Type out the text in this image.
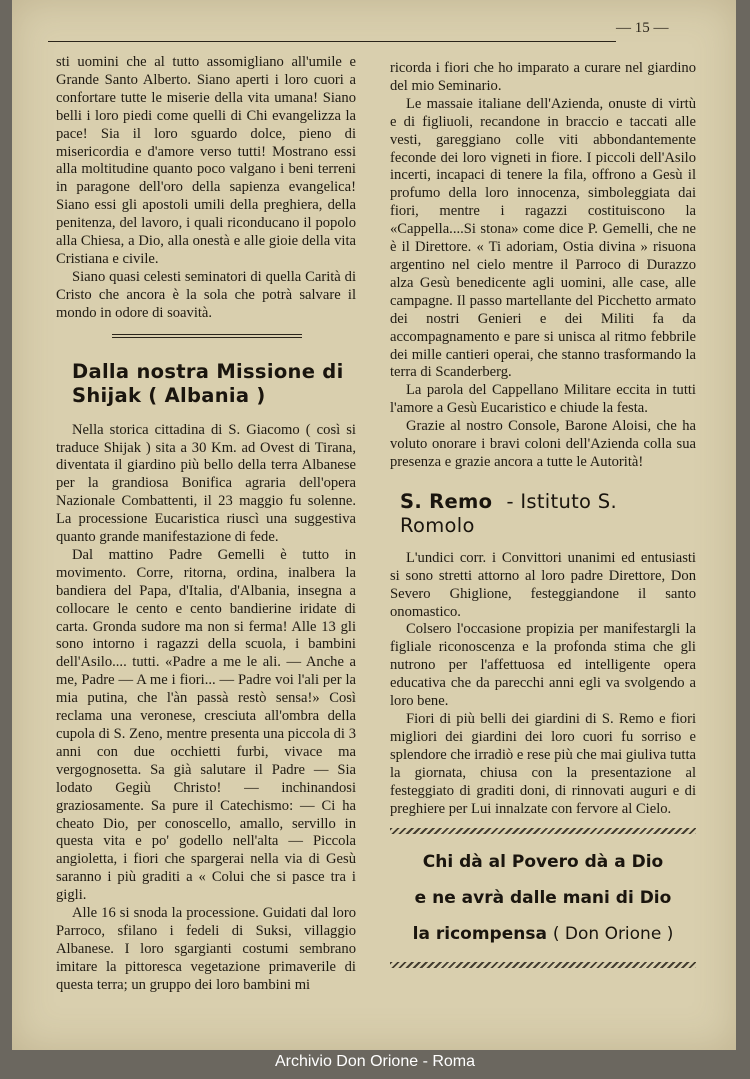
— 15 —

sti uomini che al tutto assomigliano all'umile e Grande Santo Alberto. Siano aperti i loro cuori a confortare tutte le miserie della vita umana! Siano belli i loro piedi come quelli di Chi evangelizza la pace! Sia il loro sguardo dolce, pieno di misericordia e d'amore verso tutti! Mostrano essi alla moltitudine quanto poco valgano i beni terreni in paragone dell'oro della sapienza evangelica! Siano essi gli apostoli umili della preghiera, della penitenza, del lavoro, i quali riconducano il popolo alla Chiesa, a Dio, alla onestà e alle gioie della vita Cristiana e civile.

Siano quasi celesti seminatori di quella Carità di Cristo che ancora è la sola che potrà salvare il mondo in odore di soavità.

Dalla nostra Missione di Shijak ( Albania )

Nella storica cittadina di S. Giacomo ( così si traduce Shijak ) sita a 30 Km. ad Ovest di Tirana, diventata il giardino più bello della terra Albanese per la grandiosa Bonifica agraria dell'opera Nazionale Combattenti, il 23 maggio fu solenne. La processione Eucaristica riuscì una suggestiva quanto grande manifestazione di fede.

Dal mattino Padre Gemelli è tutto in movimento. Corre, ritorna, ordina, inalbera la bandiera del Papa, d'Italia, d'Albania, insegna a collocare le cento e cento bandierine iridate di carta. Gronda sudore ma non si ferma! Alle 13 gli sono intorno i ragazzi della scuola, i bambini dell'Asilo.... tutti. «Padre a me le ali. — Anche a me, Padre — A me i fiori... — Padre voi l'ali per la mia putina, che l'àn passà restò sensa!» Così reclama una veronese, cresciuta all'ombra della cupola di S. Zeno, mentre presenta una piccola di 3 anni con due occhietti furbi, vivace ma vergognosetta. Sa già salutare il Padre — Sia lodato Gegiù Christo! — inchinandosi graziosamente. Sa pure il Catechismo: — Ci ha cheato Dio, per conoscello, amallo, servillo in questa vita e po' godello nell'alta — Piccola angioletta, i fiori che spargerai nella via di Gesù saranno i più graditi a « Colui che si pasce tra i gigli.

Alle 16 si snoda la processione. Guidati dal loro Parroco, sfilano i fedeli di Suksi, villaggio Albanese. I loro sgargianti costumi sembrano imitare la pittoresca vegetazione primaverile di questa terra; un gruppo dei loro bambini mi

ricorda i fiori che ho imparato a curare nel giardino del mio Seminario.

Le massaie italiane dell'Azienda, onuste di virtù e di figliuoli, recandone in braccio e taccati alle vesti, gareggiano colle viti abbondantemente feconde dei loro vigneti in fiore. I piccoli dell'Asilo incerti, incapaci di tenere la fila, offrono a Gesù il profumo della loro innocenza, simboleggiata dai fiori, mentre i ragazzi costituiscono la «Cappella....Si stona» come dice P. Gemelli, che ne è il Direttore. « Ti adoriam, Ostia divina » risuona argentino nel cielo mentre il Parroco di Durazzo alza Gesù benedicente agli uomini, alle case, alle campagne. Il passo martellante del Picchetto armato dei nostri Genieri e dei Militi fa da accompagnamento e pare si unisca al ritmo febbrile dei mille cantieri operai, che stanno trasformando la terra di Scanderberg.

La parola del Cappellano Militare eccita in tutti l'amore a Gesù Eucaristico e chiude la festa.

Grazie al nostro Console, Barone Aloisi, che ha voluto onorare i bravi coloni dell'Azienda colla sua presenza e grazie ancora a tutte le Autorità!

S. Remo - Istituto S. Romolo

L'undici corr. i Convittori unanimi ed entusiasti si sono stretti attorno al loro padre Direttore, Don Severo Ghiglione, festeggiandone il santo onomastico.

Colsero l'occasione propizia per manifestargli la figliale riconoscenza e la profonda stima che gli nutrono per l'affettuosa ed intelligente opera educativa che da parecchi anni egli va svolgendo a loro bene.

Fiori di più belli dei giardini di S. Remo e fiori migliori dei giardini dei loro cuori fu sorriso e splendore che irradiò e rese più che mai giuliva tutta la giornata, chiusa con la presentazione al festeggiato di graditi doni, di rinnovati auguri e di preghiere per Lui innalzate con fervore al Cielo.

Chi dà al Povero dà a Dio
e ne avrà dalle mani di Dio
la ricompensa ( Don Orione )
Archivio Don Orione - Roma
